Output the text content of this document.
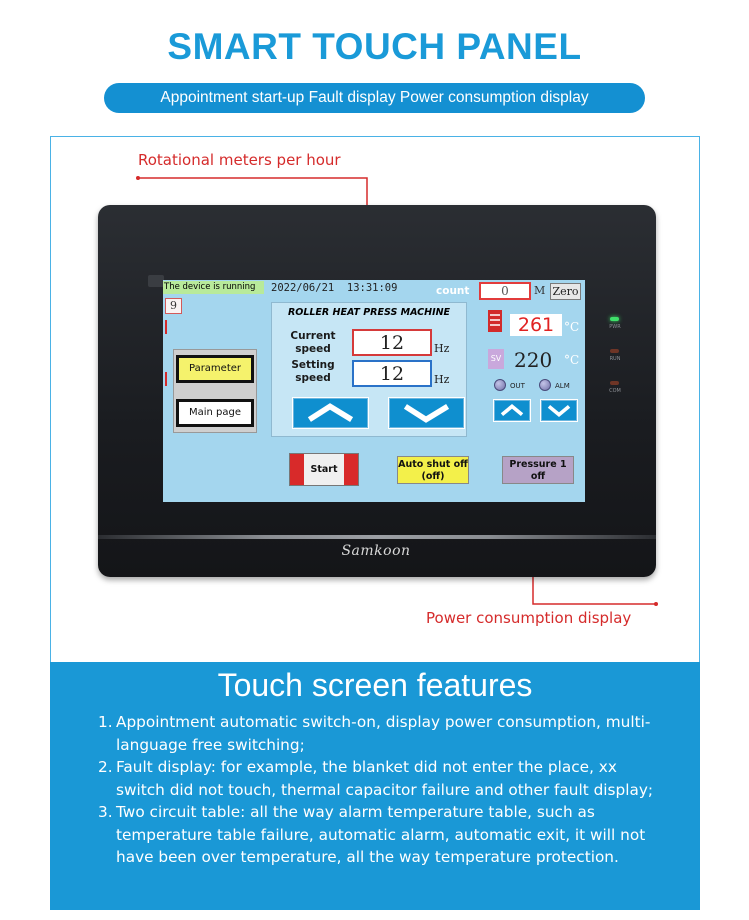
SMART TOUCH PANEL
Appointment start-up Fault display Power consumption display
Rotational meters per hour
Power consumption display
Samkoon
PWR
RUN
COM
The device is running	2022/06/21 13:31:09	count	0	M Zero
9
Parameter
Main page
ROLLER HEAT PRESS MACHINE
Current speed	12	Hz
Setting speed	12	Hz
261 °C
SV 220 °C
OUT	ALM
Start	Auto shut off (off)
Pressure 1 off
Touch screen features
1. Appointment automatic switch-on, display power consumption, multi-language free switching;
2. Fault display: for example, the blanket did not enter the place, xx switch did not touch, thermal capacitor failure and other fault display;
3. Two circuit table: all the way alarm temperature table, such as temperature table failure, automatic alarm, automatic exit, it will not have been over temperature, all the way temperature protection.
